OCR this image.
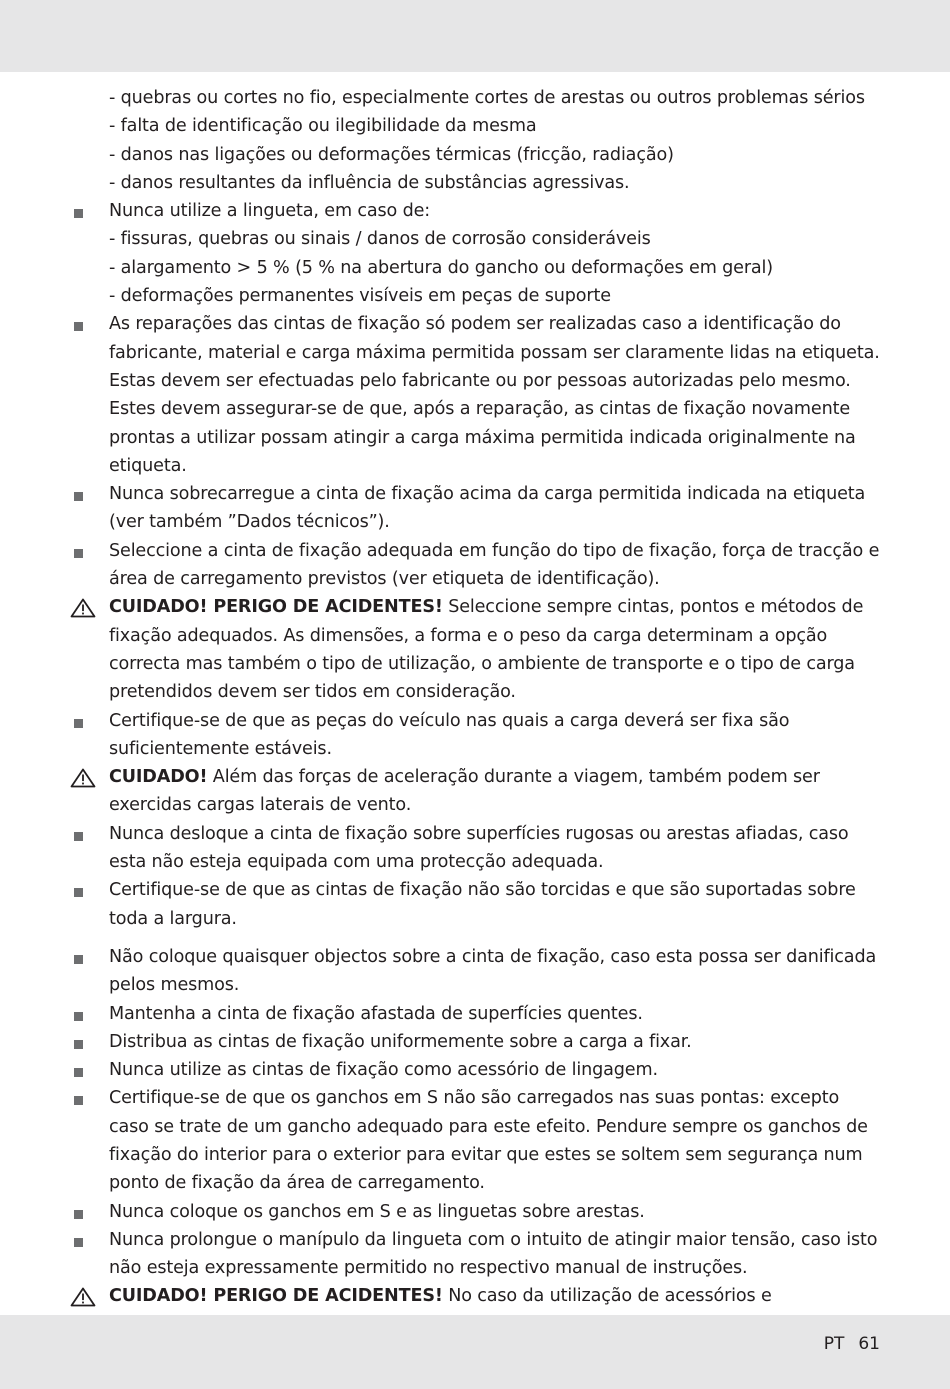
- quebras ou cortes no fio, especialmente cortes de arestas ou outros problemas sérios
- falta de identificação ou ilegibilidade da mesma
- danos nas ligações ou deformações térmicas (fricção, radiação)
- danos resultantes da influência de substâncias agressivas.
Nunca utilize a lingueta, em caso de:
- fissuras, quebras ou sinais / danos de corrosão consideráveis
- alargamento > 5 % (5 % na abertura do gancho ou deformações em geral)
- deformações permanentes visíveis em peças de suporte
As reparações das cintas de fixação só podem ser realizadas caso a identificação do fabricante, material e carga máxima permitida possam ser claramente lidas na etiqueta. Estas devem ser efectuadas pelo fabricante ou por pessoas autorizadas pelo mesmo. Estes devem assegurar-se de que, após a reparação, as cintas de fixação novamente prontas a utilizar possam atingir a carga máxima permitida indicada originalmente na etiqueta.
Nunca sobrecarregue a cinta de fixação acima da carga permitida indicada na etiqueta (ver também ”Dados técnicos”).
Seleccione a cinta de fixação adequada em função do tipo de fixação, força de tracção e área de carregamento previstos (ver etiqueta de identificação).
CUIDADO! PERIGO DE ACIDENTES! Seleccione sempre cintas, pontos e métodos de fixação adequados. As dimensões, a forma e o peso da carga determinam a opção correcta mas também o tipo de utilização, o ambiente de transporte e o tipo de carga pretendidos devem ser tidos em consideração.
Certifique-se de que as peças do veículo nas quais a carga deverá ser fixa são suficientemente estáveis.
CUIDADO! Além das forças de aceleração durante a viagem, também podem ser exercidas cargas laterais de vento.
Nunca desloque a cinta de fixação sobre superfícies rugosas ou arestas afiadas, caso esta não esteja equipada com uma protecção adequada.
Certifique-se de que as cintas de fixação não são torcidas e que são suportadas sobre toda a largura.
Não coloque quaisquer objectos sobre a cinta de fixação, caso esta possa ser danificada pelos mesmos.
Mantenha a cinta de fixação afastada de superfícies quentes.
Distribua as cintas de fixação uniformemente sobre a carga a fixar.
Nunca utilize as cintas de fixação como acessório de lingagem.
Certifique-se de que os ganchos em S não são carregados nas suas pontas: excepto caso se trate de um gancho adequado para este efeito. Pendure sempre os ganchos de fixação do interior para o exterior para evitar que estes se soltem sem segurança num ponto de fixação da área de carregamento.
Nunca coloque os ganchos em S e as linguetas sobre arestas.
Nunca prolongue o manípulo da lingueta com o intuito de atingir maior tensão, caso isto não esteja expressamente permitido no respectivo manual de instruções.
CUIDADO! PERIGO DE ACIDENTES! No caso da utilização de acessórios e
PT 61
